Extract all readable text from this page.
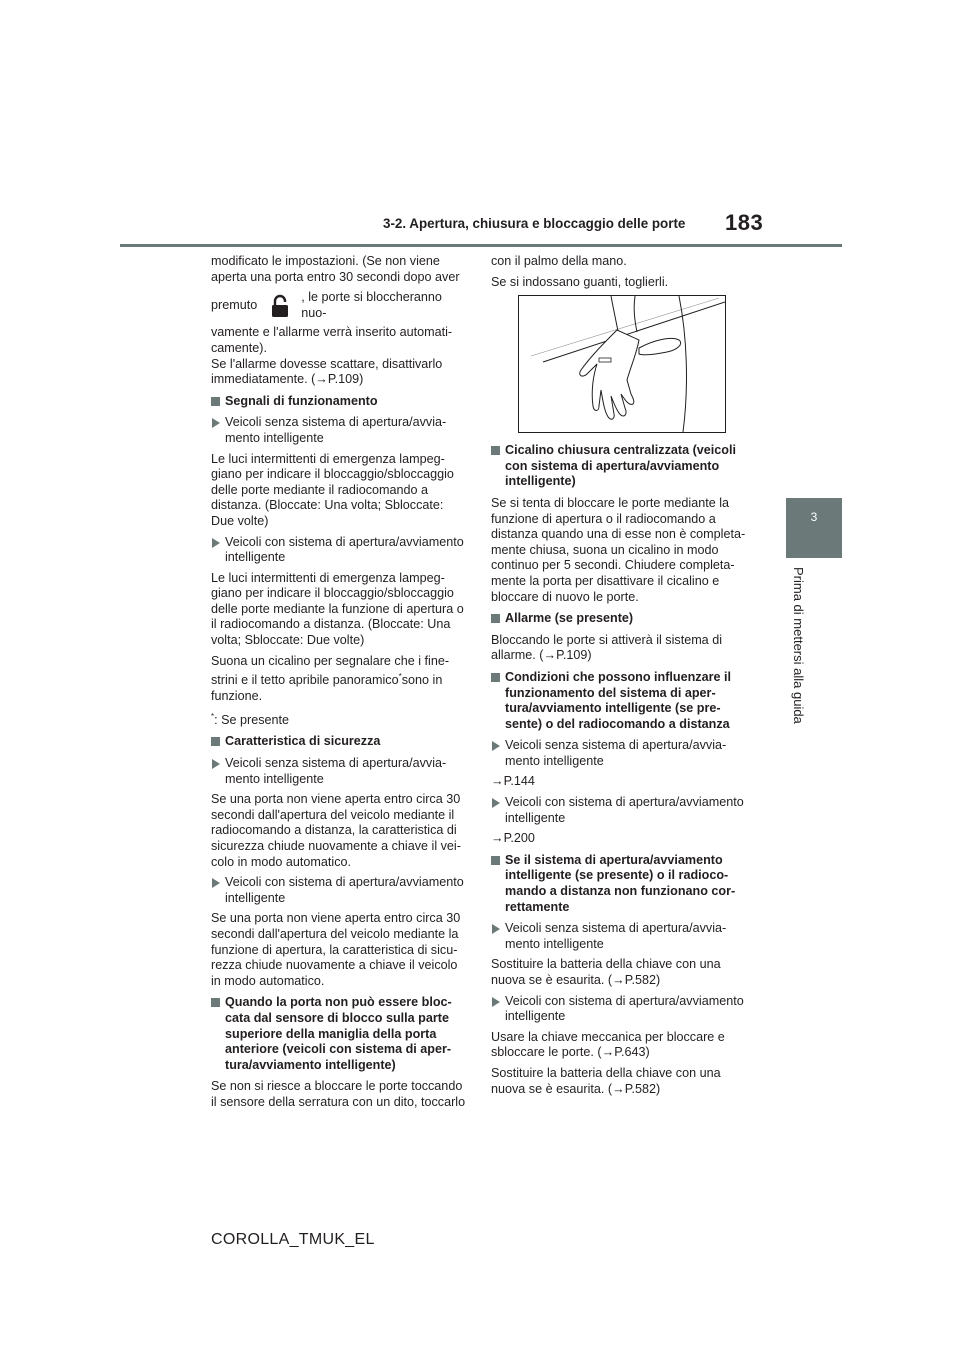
3-2. Apertura, chiusura e bloccaggio delle porte 183
3
Prima di mettersi alla guida

modificato le impostazioni. (Se non viene aperta una porta entro 30 secondi dopo aver

premuto
, le porte si bloccheranno nuo-

vamente e l'allarme verrà inserito automati-camente).

Se l'allarme dovesse scattare, disattivarlo immediatamente. (→P.109)

Segnali di funzionamento
Veicoli senza sistema di apertura/avvia-mento intelligente

Le luci intermittenti di emergenza lampeg-giano per indicare il bloccaggio/sbloccaggio delle porte mediante il radiocomando a distanza. (Bloccate: Una volta; Sbloccate: Due volte)

Veicoli con sistema di apertura/avviamento intelligente

Le luci intermittenti di emergenza lampeg-giano per indicare il bloccaggio/sbloccaggio delle porte mediante la funzione di apertura o il radiocomando a distanza. (Bloccate: Una volta; Sbloccate: Due volte)

Suona un cicalino per segnalare che i fine-strini e il tetto apribile panoramico*sono in funzione.

*: Se presente

Caratteristica di sicurezza
Veicoli senza sistema di apertura/avvia-mento intelligente

Se una porta non viene aperta entro circa 30 secondi dall'apertura del veicolo mediante il radiocomando a distanza, la caratteristica di sicurezza chiude nuovamente a chiave il vei-colo in modo automatico.

Veicoli con sistema di apertura/avviamento intelligente

Se una porta non viene aperta entro circa 30 secondi dall'apertura del veicolo mediante la funzione di apertura, la caratteristica di sicu-rezza chiude nuovamente a chiave il veicolo in modo automatico.

Quando la porta non può essere bloc-cata dal sensore di blocco sulla parte superiore della maniglia della porta anteriore (veicoli con sistema di aper-tura/avviamento intelligente)

Se non si riesce a bloccare le porte toccando il sensore della serratura con un dito, toccarlo

con il palmo della mano.

Se si indossano guanti, toglierli.

Cicalino chiusura centralizzata (veicoli con sistema di apertura/avviamento intelligente)

Se si tenta di bloccare le porte mediante la funzione di apertura o il radiocomando a distanza quando una di esse non è completa-mente chiusa, suona un cicalino in modo continuo per 5 secondi. Chiudere completa-mente la porta per disattivare il cicalino e bloccare di nuovo le porte.

Allarme (se presente)

Bloccando le porte si attiverà il sistema di allarme. (→P.109)

Condizioni che possono influenzare il funzionamento del sistema di aper-tura/avviamento intelligente (se pre-sente) o del radiocomando a distanza
Veicoli senza sistema di apertura/avvia-mento intelligente

→P.144

Veicoli con sistema di apertura/avviamento intelligente

→P.200

Se il sistema di apertura/avviamento intelligente (se presente) o il radioco-mando a distanza non funzionano cor-rettamente
Veicoli senza sistema di apertura/avvia-mento intelligente

Sostituire la batteria della chiave con una nuova se è esaurita. (→P.582)

Veicoli con sistema di apertura/avviamento intelligente

Usare la chiave meccanica per bloccare e sbloccare le porte. (→P.643)

Sostituire la batteria della chiave con una nuova se è esaurita. (→P.582)

COROLLA_TMUK_EL
